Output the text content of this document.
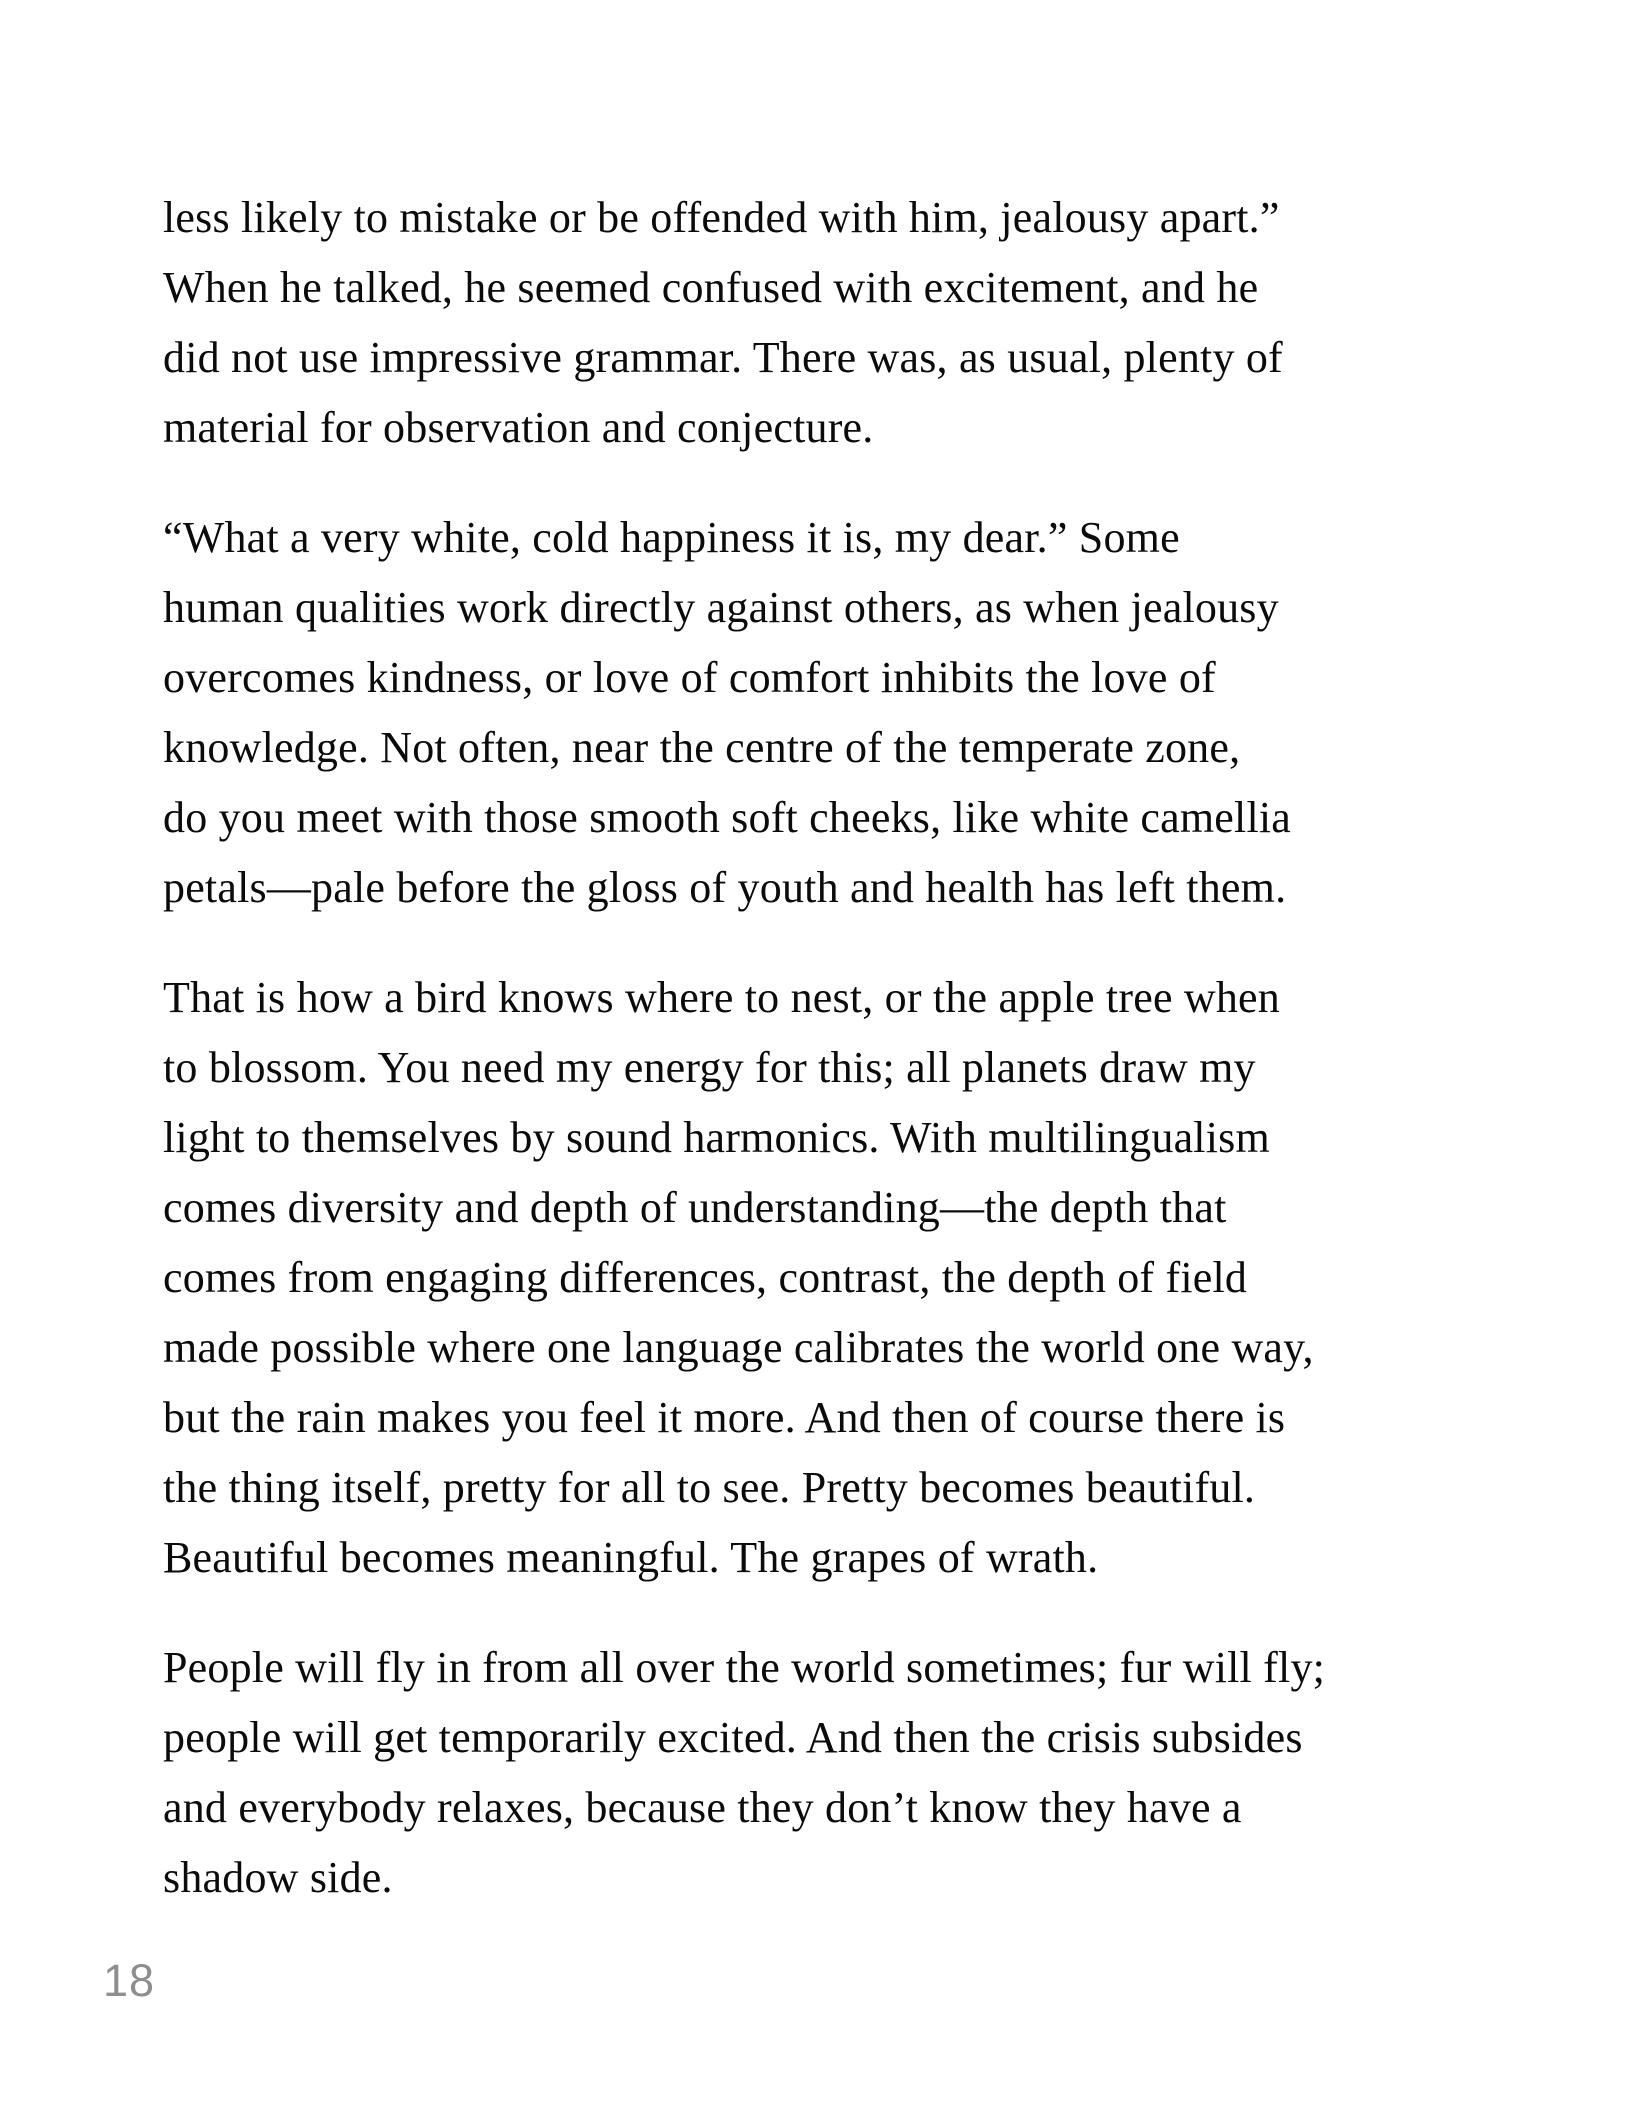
less likely to mistake or be offended with him, jealousy apart.”
When he talked, he seemed confused with excitement, and he
did not use impressive grammar. There was, as usual, plenty of
material for observation and conjecture.
“What a very white, cold happiness it is, my dear.” Some
human qualities work directly against others, as when jealousy
overcomes kindness, or love of comfort inhibits the love of
knowledge. Not often, near the centre of the temperate zone,
do you meet with those smooth soft cheeks, like white camellia
petals—pale before the gloss of youth and health has left them.
That is how a bird knows where to nest, or the apple tree when
to blossom. You need my energy for this; all planets draw my
light to themselves by sound harmonics. With multilingualism
comes diversity and depth of understanding—the depth that
comes from engaging differences, contrast, the depth of field
made possible where one language calibrates the world one way,
but the rain makes you feel it more. And then of course there is
the thing itself, pretty for all to see. Pretty becomes beautiful.
Beautiful becomes meaningful. The grapes of wrath.
People will fly in from all over the world sometimes; fur will fly;
people will get temporarily excited. And then the crisis subsides
and everybody relaxes, because they don’t know they have a
shadow side.
18
